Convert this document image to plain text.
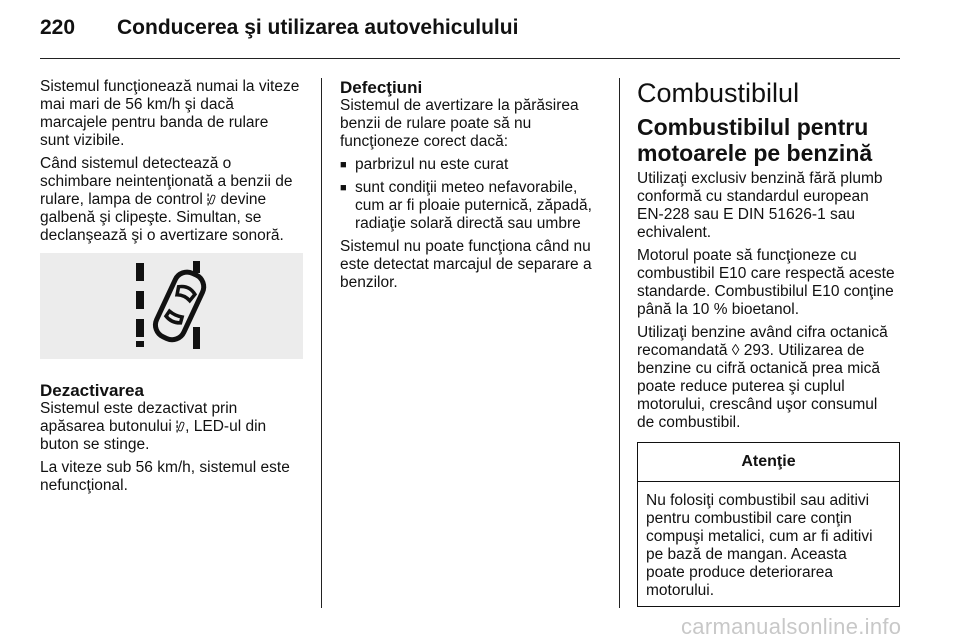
220 Conducerea şi utilizarea autovehiculului

Sistemul funcţionează numai la viteze
mai mari de 56 km/h şi dacă
marcajele pentru banda de rulare
sunt vizibile.

Când sistemul detectează o
schimbare neintenţionată a benzii de
rulare, lampa de control devine
galbenă şi clipeşte. Simultan, se
declanşează şi o avertizare sonoră.

Dezactivarea

Sistemul este dezactivat prin
apăsarea butonului , LED-ul din
buton se stinge.

La viteze sub 56 km/h, sistemul este
nefuncţional.

Defecţiuni

Sistemul de avertizare la părăsirea
benzii de rulare poate să nu
funcţioneze corect dacă:

■ parbrizul nu este curat
■ sunt condiţii meteo nefavorabile,
cum ar fi ploaie puternică, zăpadă,
radiaţie solară directă sau umbre

Sistemul nu poate funcţiona când nu
este detectat marcajul de separare a
benzilor.

Combustibilul
Combustibilul pentru
motoarele pe benzină

Utilizaţi exclusiv benzină fără plumb
conformă cu standardul european
EN-228 sau E DIN 51626-1 sau
echivalent.

Motorul poate să funcţioneze cu
combustibil E10 care respectă aceste
standarde. Combustibilul E10 conţine
până la 10 % bioetanol.

Utilizaţi benzine având cifra octanică
recomandată ◊ 293. Utilizarea de
benzine cu cifră octanică prea mică
poate reduce puterea şi cuplul
motorului, crescând uşor consumul
de combustibil.

Atenţie
Nu folosiţi combustibil sau aditivi
pentru combustibil care conţin
compuşi metalici, cum ar fi aditivi
pe bază de mangan. Aceasta
poate produce deteriorarea
motorului.
carmanualsonline.info
